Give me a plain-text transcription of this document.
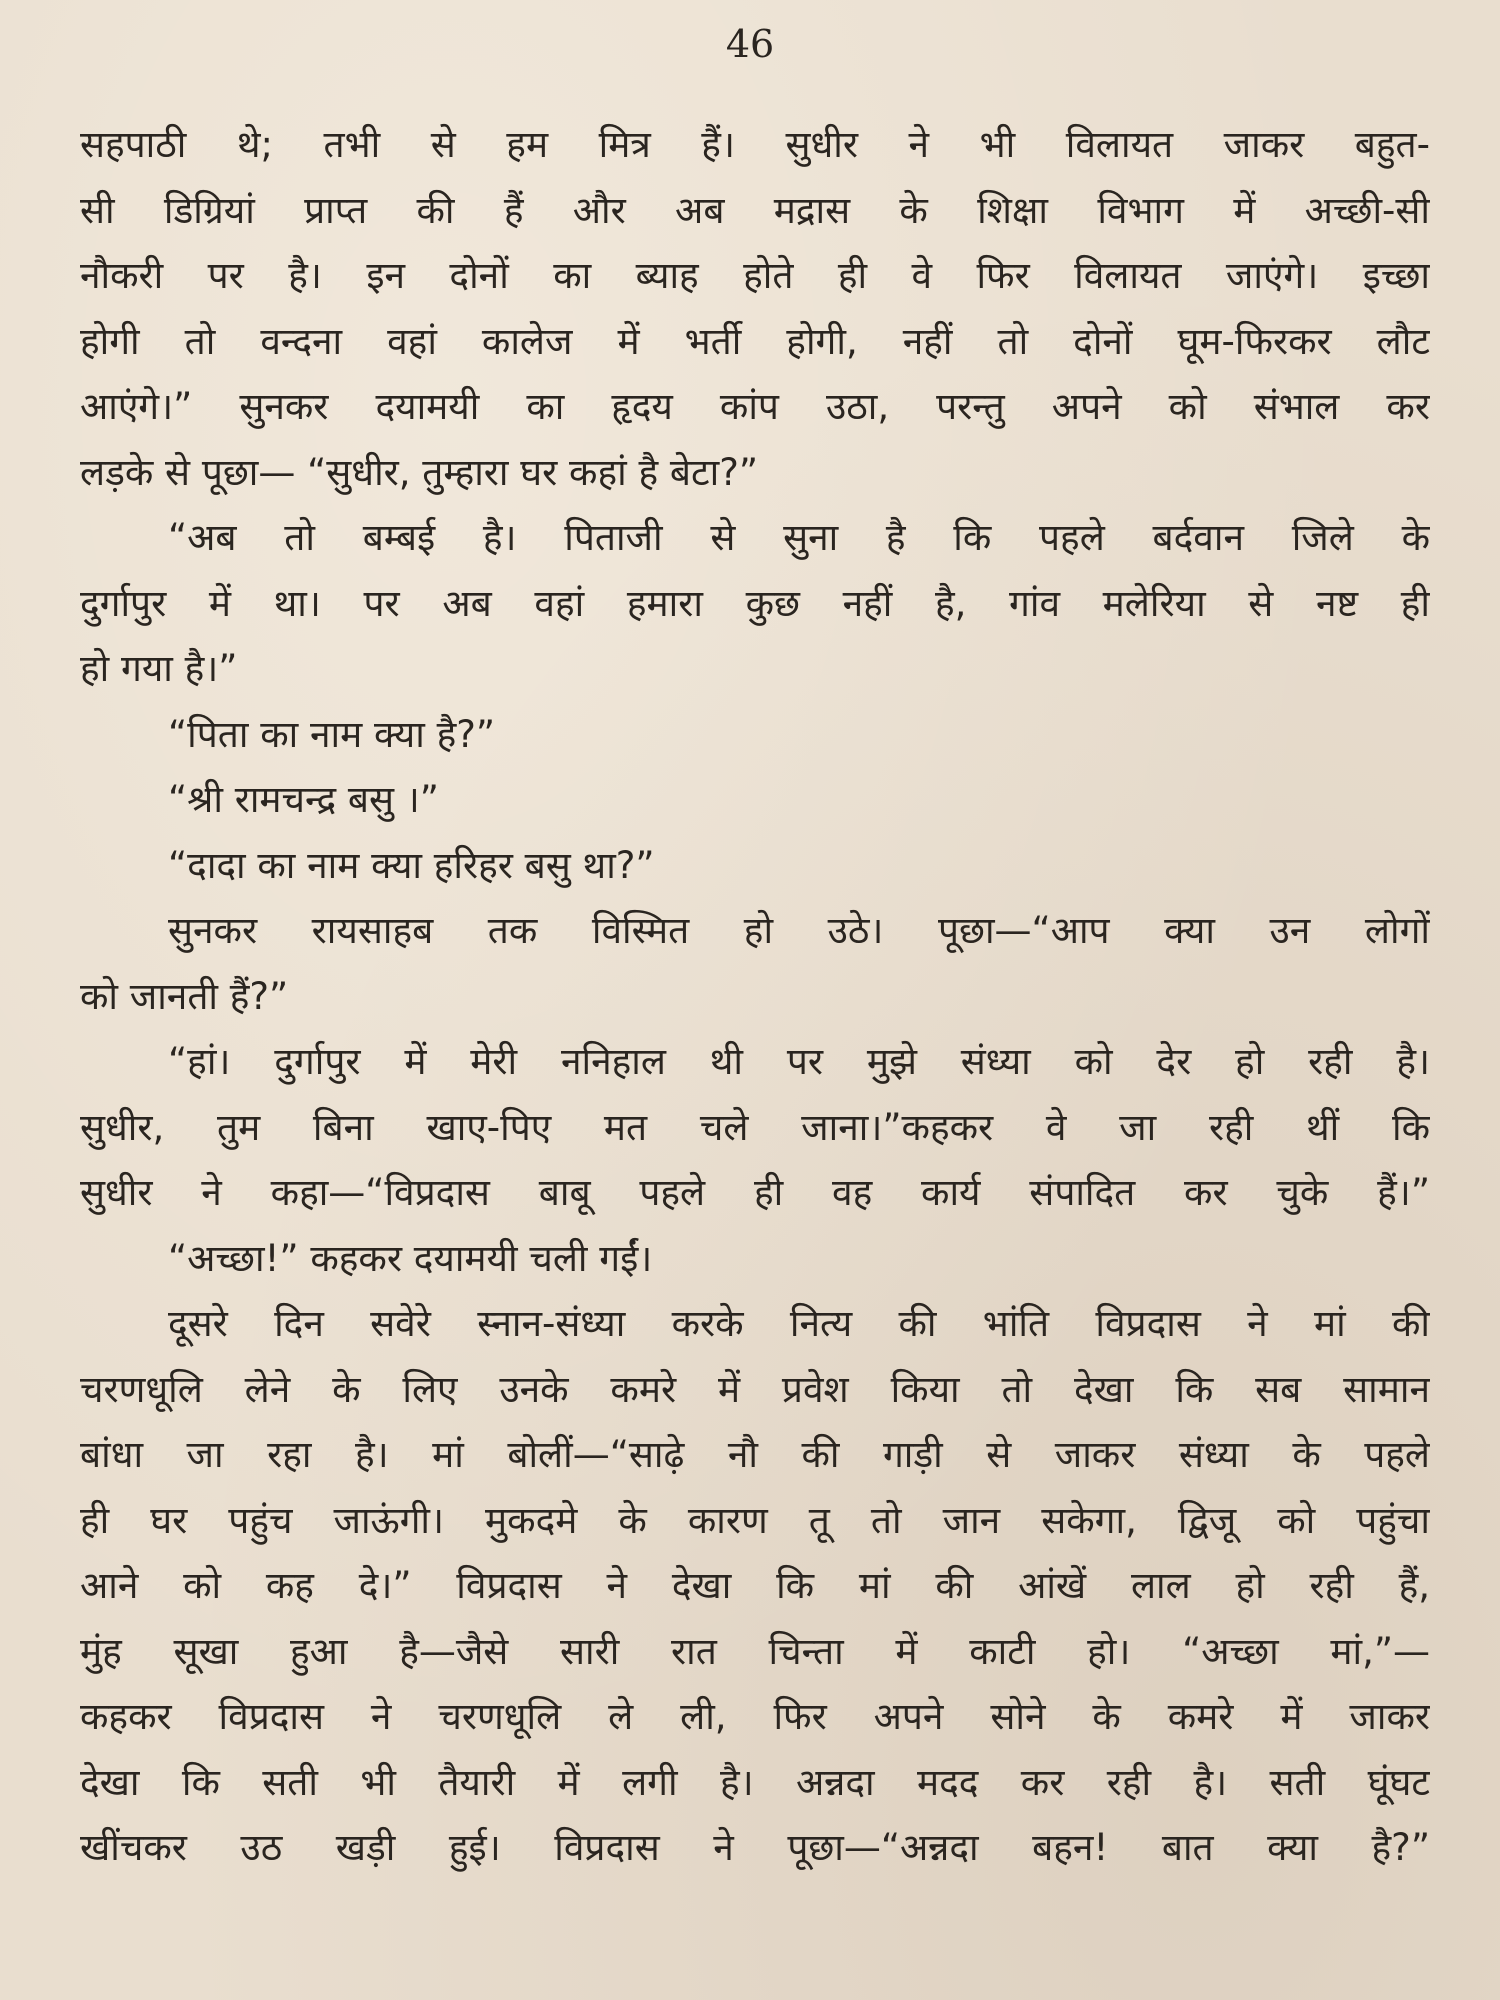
46
सहपाठी थे; तभी से हम मित्र हैं। सुधीर ने भी विलायत जाकर बहुत-
सी डिग्रियां प्राप्त की हैं और अब मद्रास के शिक्षा विभाग में अच्छी-सी
नौकरी पर है। इन दोनों का ब्याह होते ही वे फिर विलायत जाएंगे। इच्छा
होगी तो वन्दना वहां कालेज में भर्ती होगी, नहीं तो दोनों घूम-फिरकर लौट
आएंगे।” सुनकर दयामयी का हृदय कांप उठा, परन्तु अपने को संभाल कर
लड़के से पूछा— “सुधीर, तुम्हारा घर कहां है बेटा?”
“अब तो बम्बई है। पिताजी से सुना है कि पहले बर्दवान जिले के
दुर्गापुर में था। पर अब वहां हमारा कुछ नहीं है, गांव मलेरिया से नष्ट ही
हो गया है।”
“पिता का नाम क्या है?”
“श्री रामचन्द्र बसु ।”
“दादा का नाम क्या हरिहर बसु था?”
सुनकर रायसाहब तक विस्मित हो उठे। पूछा—“आप क्या उन लोगों
को जानती हैं?”
“हां। दुर्गापुर में मेरी ननिहाल थी पर मुझे संध्या को देर हो रही है।
सुधीर, तुम बिना खाए-पिए मत चले जाना।”कहकर वे जा रही थीं कि
सुधीर ने कहा—“विप्रदास बाबू पहले ही वह कार्य संपादित कर चुके हैं।”
“अच्छा!” कहकर दयामयी चली गईं।
दूसरे दिन सवेरे स्नान-संध्या करके नित्य की भांति विप्रदास ने मां की
चरणधूलि लेने के लिए उनके कमरे में प्रवेश किया तो देखा कि सब सामान
बांधा जा रहा है। मां बोलीं—“साढ़े नौ की गाड़ी से जाकर संध्या के पहले
ही घर पहुंच जाऊंगी। मुकदमे के कारण तू तो जान सकेगा, द्विजू को पहुंचा
आने को कह दे।” विप्रदास ने देखा कि मां की आंखें लाल हो रही हैं,
मुंह सूखा हुआ है—जैसे सारी रात चिन्ता में काटी हो। “अच्छा मां,”—
कहकर विप्रदास ने चरणधूलि ले ली, फिर अपने सोने के कमरे में जाकर
देखा कि सती भी तैयारी में लगी है। अन्नदा मदद कर रही है। सती घूंघट
खींचकर उठ खड़ी हुई। विप्रदास ने पूछा—“अन्नदा बहन! बात क्या है?”
